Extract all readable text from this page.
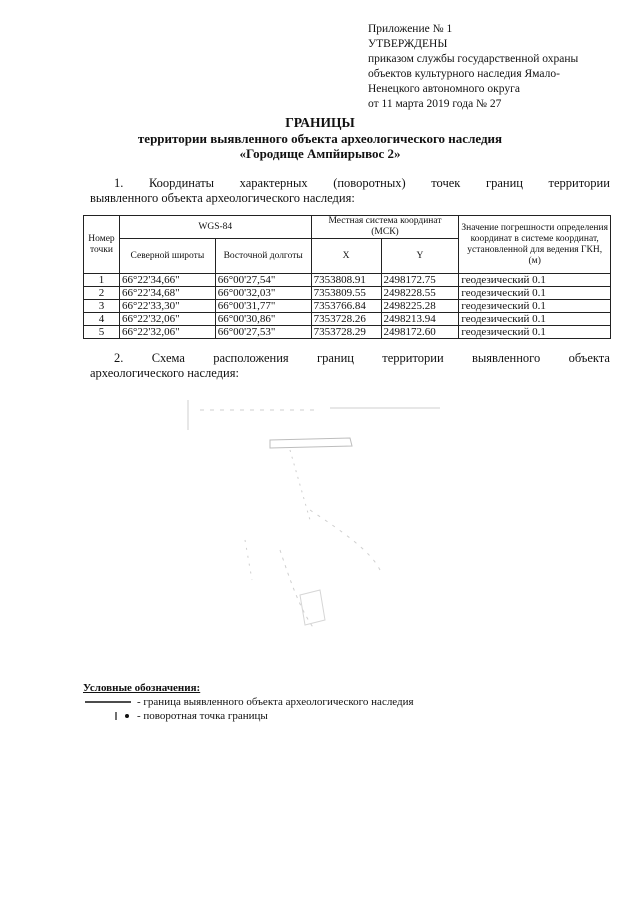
Приложение № 1
УТВЕРЖДЕНЫ
приказом службы государственной охраны
объектов культурного наследия Ямало-
Ненецкого автономного округа
от 11 марта 2019 года № 27
ГРАНИЦЫ
территории выявленного объекта археологического наследия
«Городище Ампйирывос 2»
1. Координаты характерных (поворотных) точек границ территории
выявленного объекта археологического наследия:
Номер точки	WGS-84		Местная система координат (МСК)		Значение погрешности определения координат в системе координат, установленной для ведения ГКН, (м)
	Северной широты	Восточной долготы	X	Y	
1	66°22'34,66"	66°00'27,54"	7353808.91	2498172.75	геодезический 0.1
2	66°22'34,68"	66°00'32,03"	7353809.55	2498228.55	геодезический 0.1
3	66°22'33,30"	66°00'31,77"	7353766.84	2498225.28	геодезический 0.1
4	66°22'32,06"	66°00'30,86"	7353728.26	2498213.94	геодезический 0.1
5	66°22'32,06"	66°00'27,53"	7353728.29	2498172.60	геодезический 0.1
2. Схема расположения границ территории выявленного объекта
археологического наследия:
Условные обозначения:
- граница выявленного объекта археологического наследия
- поворотная точка границы
